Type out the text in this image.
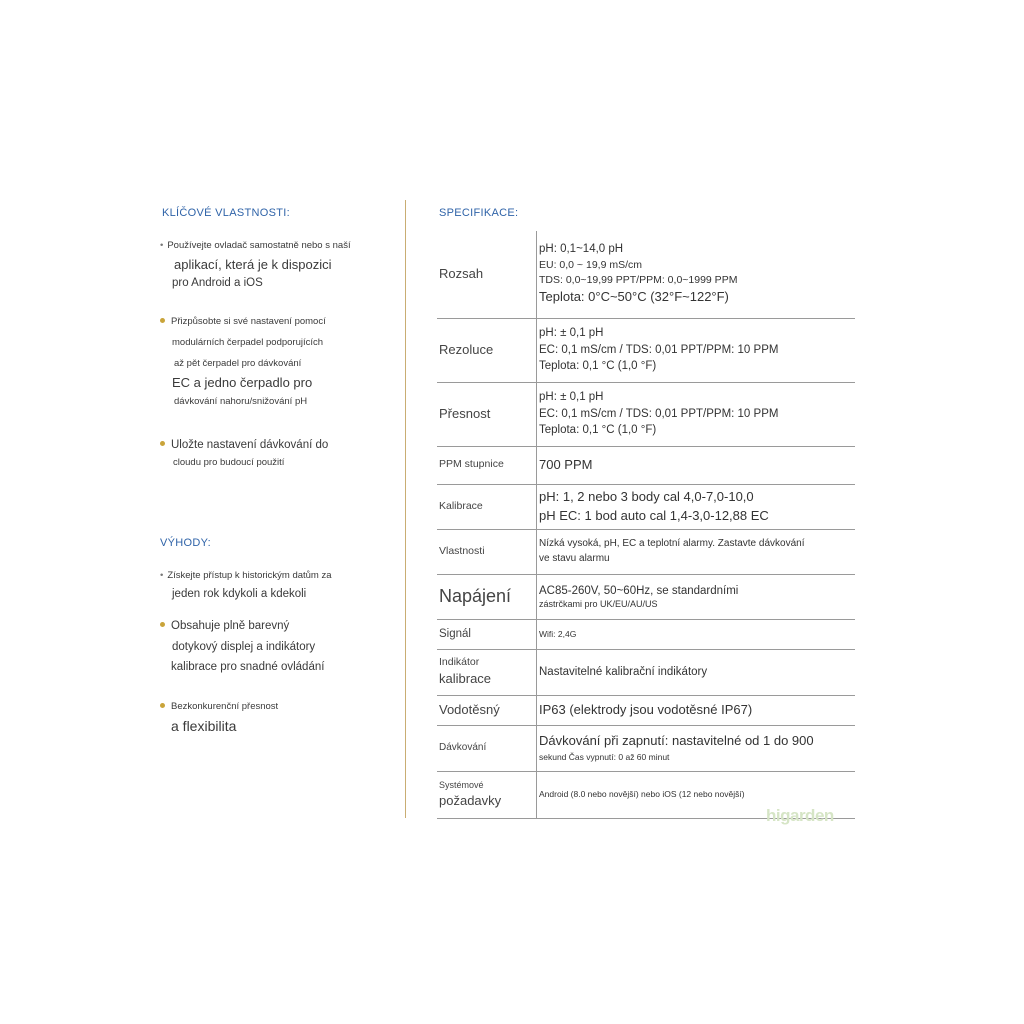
KLÍČOVÉ VLASTNOSTI:
• Používejte ovladač samostatně nebo s naší
aplikací, která je k dispozici
pro Android a iOS
Přizpůsobte si své nastavení pomocí
modulárních čerpadel podporujících
až pět čerpadel pro dávkování
EC a jedno čerpadlo pro
dávkování nahoru/snižování pH
Uložte nastavení dávkování do
cloudu pro budoucí použití
VÝHODY:
• Získejte přístup k historickým datům za
jeden rok kdykoli a kdekoli
Obsahuje plně barevný
dotykový displej a indikátory
kalibrace pro snadné ovládání
Bezkonkurenční přesnost
a flexibilita
SPECIFIKACE:
Rozsah	pH: 0,1~14,0 pH
EU: 0,0 ~ 19,9 mS/cm
TDS: 0,0~19,99 PPT/PPM: 0,0~1999 PPM
Teplota: 0°C~50°C (32°F~122°F)

Rezoluce	pH: ± 0,1 pH
EC: 0,1 mS/cm / TDS: 0,01 PPT/PPM: 10 PPM
Teplota: 0,1 °C (1,0 °F)

Přesnost	pH: ± 0,1 pH
EC: 0,1 mS/cm / TDS: 0,01 PPT/PPM: 10 PPM
Teplota: 0,1 °C (1,0 °F)

PPM stupnice	700 PPM

Kalibrace	pH: 1, 2 nebo 3 body cal 4,0-7,0-10,0
pH EC: 1 bod auto cal 1,4-3,0-12,88 EC

Vlastnosti	Nízká vysoká, pH, EC a teplotní alarmy. Zastavte dávkování
ve stavu alarmu

Napájení	AC85-260V, 50~60Hz, se standardními
zástrčkami pro UK/EU/AU/US

Signál	Wifi: 2,4G

Indikátor
kalibrace	Nastavitelné kalibrační indikátory

Vodotěsný	IP63 (elektrody jsou vodotěsné IP67)

Dávkování	Dávkování při zapnutí: nastavitelné od 1 do 900
sekund Čas vypnutí: 0 až 60 minut

Systémové
požadavky	Android (8.0 nebo novější) nebo iOS (12 nebo novější)
higarden
